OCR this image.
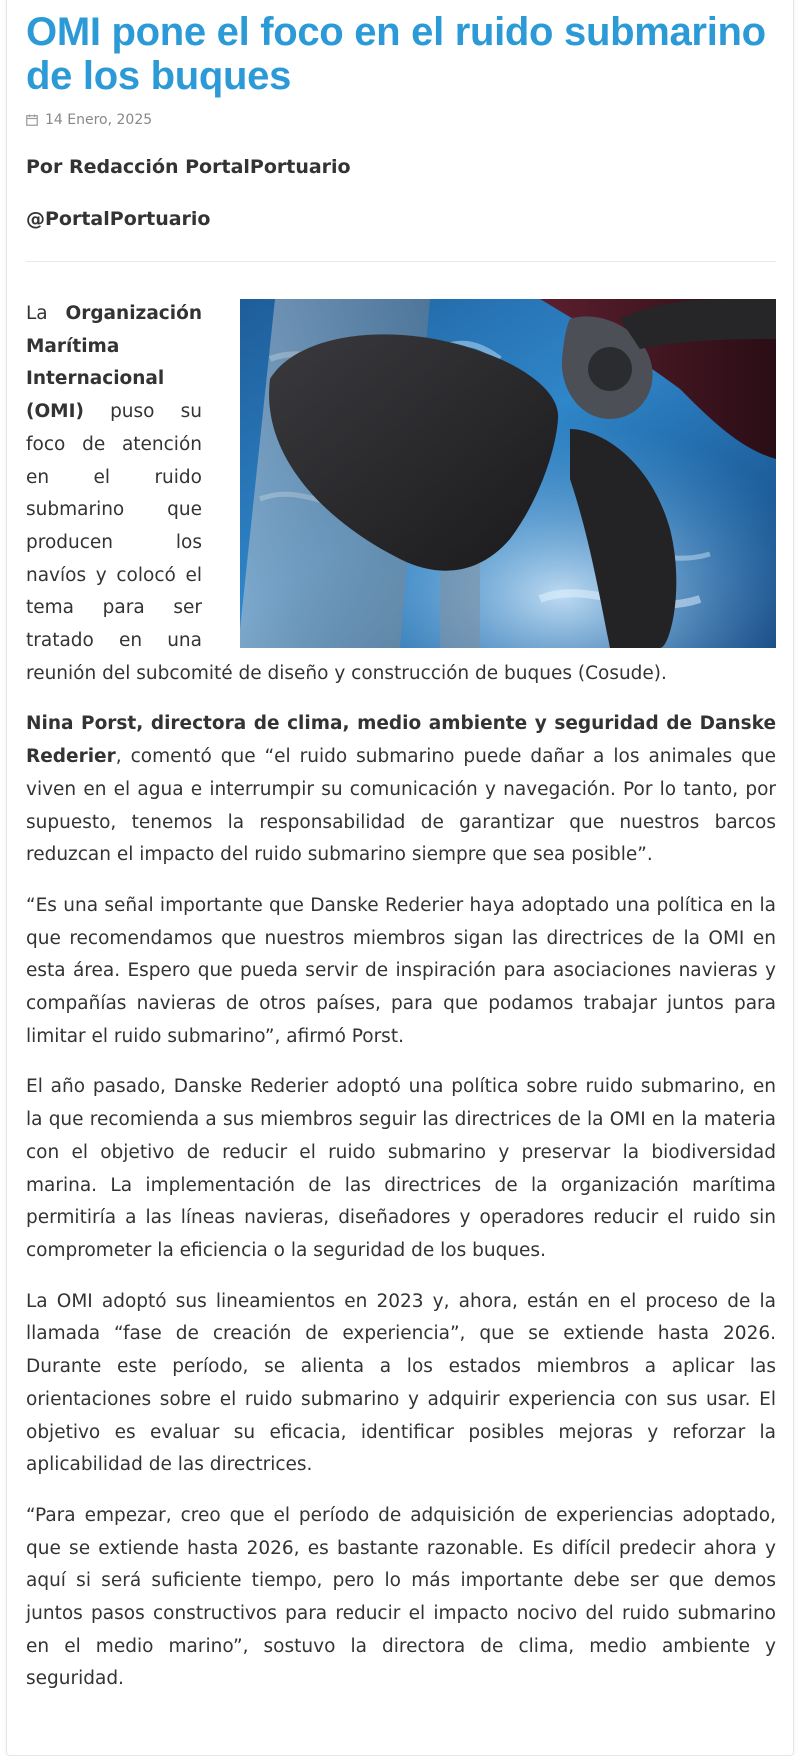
OMI pone el foco en el ruido submarino de los buques
14 Enero, 2025
Por Redacción PortalPortuario
@PortalPortuario

La Organización Marítima Internacional (OMI) puso su foco de atención en el ruido submarino que producen los navíos y colocó el tema para ser tratado en una reunión del subcomité de diseño y construcción de buques (Cosude).

Nina Porst, directora de clima, medio ambiente y seguridad de Danske Rederier, comentó que “el ruido submarino puede dañar a los animales que viven en el agua e interrumpir su comunicación y navegación. Por lo tanto, por supuesto, tenemos la responsabilidad de garantizar que nuestros barcos reduzcan el impacto del ruido submarino siempre que sea posible”.

“Es una señal importante que Danske Rederier haya adoptado una política en la que recomendamos que nuestros miembros sigan las directrices de la OMI en esta área. Espero que pueda servir de inspiración para asociaciones navieras y compañías navieras de otros países, para que podamos trabajar juntos para limitar el ruido submarino”, afirmó Porst.

El año pasado, Danske Rederier adoptó una política sobre ruido submarino, en la que recomienda a sus miembros seguir las directrices de la OMI en la materia con el objetivo de reducir el ruido submarino y preservar la biodiversidad marina. La implementación de las directrices de la organización marítima permitiría a las líneas navieras, diseñadores y operadores reducir el ruido sin comprometer la eficiencia o la seguridad de los buques.

La OMI adoptó sus lineamientos en 2023 y, ahora, están en el proceso de la llamada “fase de creación de experiencia”, que se extiende hasta 2026. Durante este período, se alienta a los estados miembros a aplicar las orientaciones sobre el ruido submarino y adquirir experiencia con sus usar. El objetivo es evaluar su eficacia, identificar posibles mejoras y reforzar la aplicabilidad de las directrices.

“Para empezar, creo que el período de adquisición de experiencias adoptado, que se extiende hasta 2026, es bastante razonable. Es difícil predecir ahora y aquí si será suficiente tiempo, pero lo más importante debe ser que demos juntos pasos constructivos para reducir el impacto nocivo del ruido submarino en el medio marino”, sostuvo la directora de clima, medio ambiente y seguridad.
